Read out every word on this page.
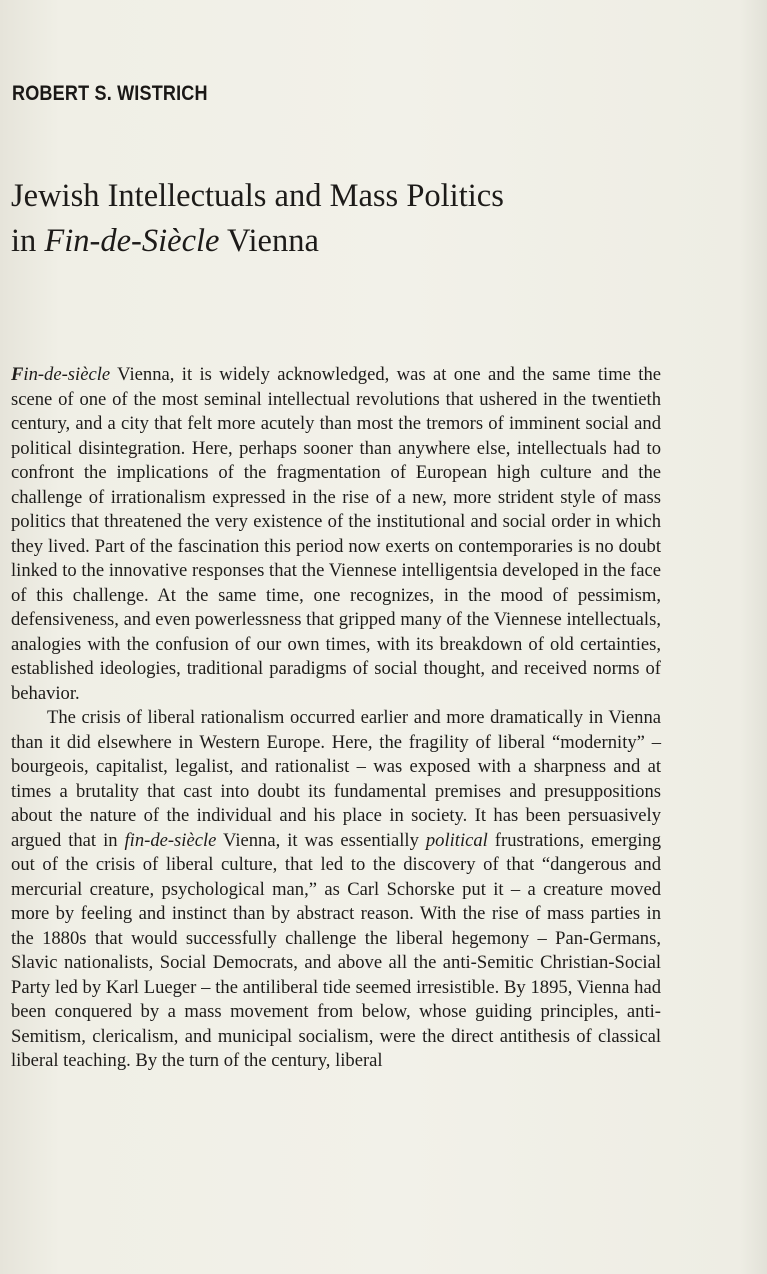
ROBERT S. WISTRICH
Jewish Intellectuals and Mass Politics
in Fin-de-Siècle Vienna

Fin-de-siècle Vienna, it is widely acknowledged, was at one and the same time the scene of one of the most seminal intellectual revolutions that ushered in the twentieth century, and a city that felt more acutely than most the tremors of imminent social and political disintegration. Here, perhaps sooner than anywhere else, intellectuals had to confront the implications of the fragmentation of European high culture and the challenge of irrationalism expressed in the rise of a new, more strident style of mass politics that threatened the very existence of the institutional and social order in which they lived. Part of the fascination this period now exerts on contemporaries is no doubt linked to the innovative responses that the Viennese intelligentsia developed in the face of this challenge. At the same time, one recognizes, in the mood of pessimism, defensiveness, and even powerlessness that gripped many of the Viennese intellectuals, analogies with the confusion of our own times, with its breakdown of old certainties, established ideologies, traditional paradigms of social thought, and received norms of behavior.

The crisis of liberal rationalism occurred earlier and more dramatically in Vienna than it did elsewhere in Western Europe. Here, the fragility of liberal “modernity” – bourgeois, capitalist, legalist, and rationalist – was exposed with a sharpness and at times a brutality that cast into doubt its fundamental premises and presuppositions about the nature of the individual and his place in society. It has been persuasively argued that in fin-de-siècle Vienna, it was essentially political frustrations, emerging out of the crisis of liberal culture, that led to the discovery of that “dangerous and mercurial creature, psychological man,” as Carl Schorske put it – a creature moved more by feeling and instinct than by abstract reason. With the rise of mass parties in the 1880s that would successfully challenge the liberal hegemony – Pan-Germans, Slavic nationalists, Social Democrats, and above all the anti-Semitic Christian-Social Party led by Karl Lueger – the antiliberal tide seemed irresistible. By 1895, Vienna had been conquered by a mass movement from below, whose guiding principles, anti-Semitism, clericalism, and municipal socialism, were the direct antithesis of classical liberal teaching. By the turn of the century, liberal
